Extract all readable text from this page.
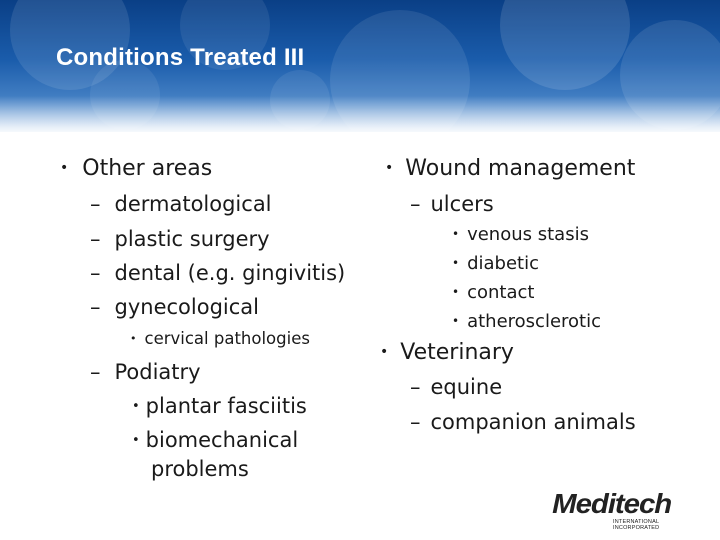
Conditions Treated III
• Other areas
– dermatological
– plastic surgery
– dental (e.g. gingivitis)
– gynecological
• cervical pathologies
– Podiatry
• plantar fasciitis
• biomechanical
problems
• Wound management
– ulcers
• venous stasis
• diabetic
• contact
• atherosclerotic
• Veterinary
– equine
– companion animals
Meditech
INTERNATIONAL INCORPORATED
